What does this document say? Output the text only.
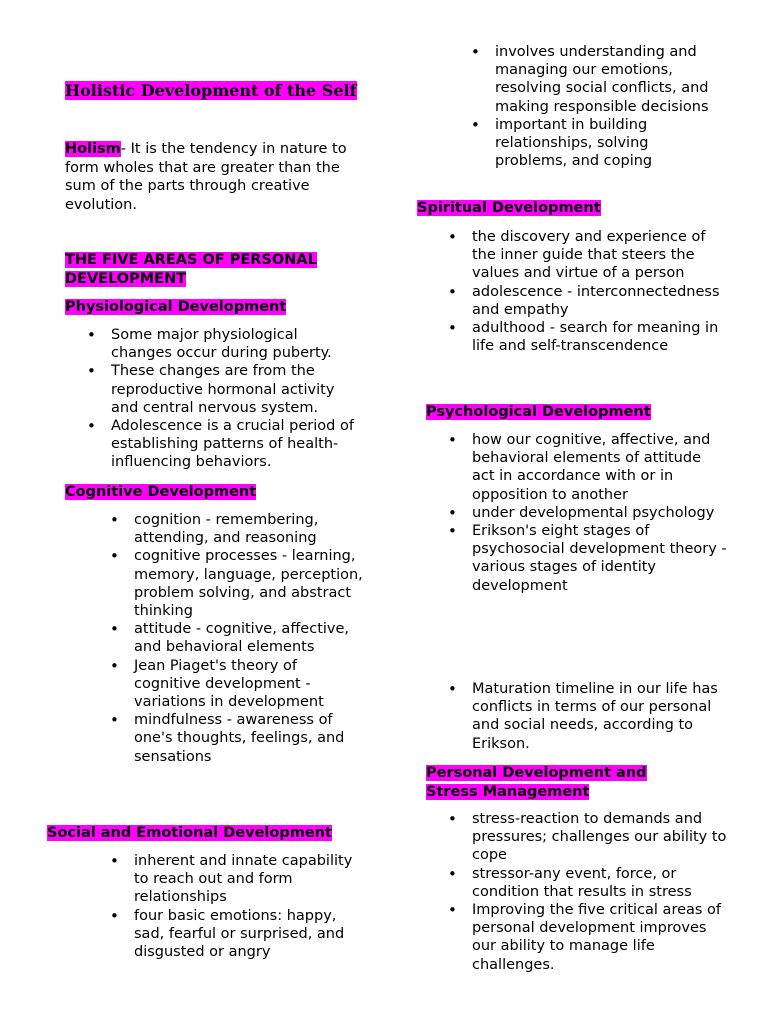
Holistic Development of the Self
Holism- It is the tendency in nature to form wholes that are greater than the sum of the parts through creative evolution.
THE FIVE AREAS OF PERSONAL
DEVELOPMENT
Physiological Development
• Some major physiological changes occur during puberty.
• These changes are from the reproductive hormonal activity and central nervous system.
• Adolescence is a crucial period of establishing patterns of health-influencing behaviors.
Cognitive Development
• cognition - remembering, attending, and reasoning
• cognitive processes - learning, memory, language, perception, problem solving, and abstract thinking
• attitude - cognitive, affective, and behavioral elements
• Jean Piaget's theory of cognitive development - variations in development
• mindfulness - awareness of one's thoughts, feelings, and sensations
Social and Emotional Development
• inherent and innate capability to reach out and form relationships
• four basic emotions: happy, sad, fearful or surprised, and disgusted or angry
• involves understanding and managing our emotions, resolving social conflicts, and making responsible decisions
• important in building relationships, solving problems, and coping
Spiritual Development
• the discovery and experience of the inner guide that steers the values and virtue of a person
• adolescence - interconnectedness and empathy
• adulthood - search for meaning in life and self-transcendence
Psychological Development
• how our cognitive, affective, and behavioral elements of attitude act in accordance with or in opposition to another
• under developmental psychology
• Erikson's eight stages of psychosocial development theory - various stages of identity development
• Maturation timeline in our life has conflicts in terms of our personal and social needs, according to Erikson.
Personal Development and
Stress Management
• stress-reaction to demands and pressures; challenges our ability to cope
• stressor-any event, force, or condition that results in stress
• Improving the five critical areas of personal development improves our ability to manage life challenges.
